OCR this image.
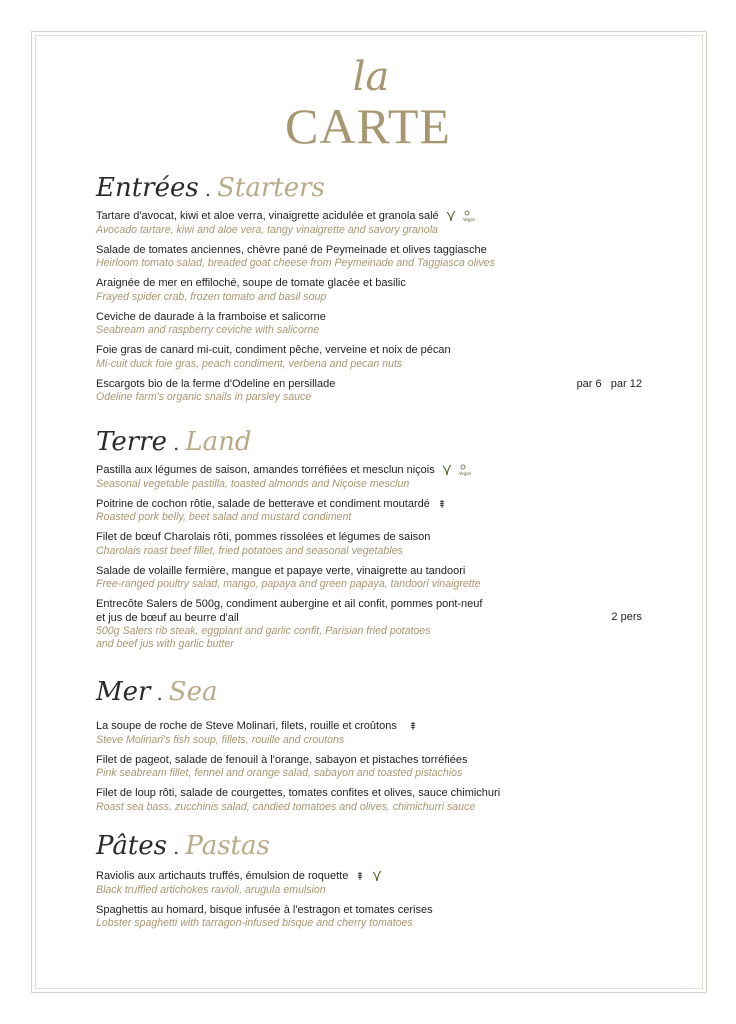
la
CARTE
Entrées . Starters
Tartare d'avocat, kiwi et aloe verra, vinaigrette acidulée et granola salé	Vegan
Avocado tartare, kiwi and aloe vera, tangy vinaigrette and savory granola
Salade de tomates anciennes, chèvre pané de Peymeinade et olives taggiasche
Heirloom tomato salad, breaded goat cheese from Peymeinade and Taggiasca olives
Araignée de mer en effiloché, soupe de tomate glacée et basilic
Frayed spider crab, frozen tomato and basil soup
Ceviche de daurade à la framboise et salicorne
Seabream and raspberry ceviche with salicorne
Foie gras de canard mi-cuit, condiment pêche, verveine et noix de pécan
Mi-cuit duck foie gras, peach condiment, verbena and pecan nuts
Escargots bio de la ferme d'Odeline en persillade
Odeline farm's organic snails in parsley sauce
par 6   par 12
Terre . Land
Pastilla aux légumes de saison, amandes torréfiées et mesclun niçois	Vegan
Seasonal vegetable pastilla, toasted almonds and Niçoise mesclun
Poitrine de cochon rôtie, salade de betterave et condiment moutardé
Roasted pork belly, beet salad and mustard condiment
Filet de bœuf Charolais rôti, pommes rissolées et légumes de saison
Charolais roast beef fillet, fried potatoes and seasonal vegetables
Salade de volaille fermière, mangue et papaye verte, vinaigrette au tandoori
Free-ranged poultry salad, mango, papaya and green papaya, tandoori vinaigrette
Entrecôte Salers de 500g, condiment aubergine et ail confit, pommes pont-neuf
et jus de bœuf au beurre d'ail
500g Salers rib steak, eggplant and garlic confit, Parisian fried potatoes
and beef jus with garlic butter
2 pers
Mer . Sea
La soupe de roche de Steve Molinari, filets, rouille et croûtons
Steve Molinari's fish soup, fillets, rouille and croutons
Filet de pageot, salade de fenouil à l'orange, sabayon et pistaches torréfiées
Pink seabream fillet, fennel and orange salad, sabayon and toasted pistachios
Filet de loup rôti, salade de courgettes, tomates confites et olives, sauce chimichuri
Roast sea bass, zucchinis salad, candied tomatoes and olives, chimichurri sauce
Pâtes . Pastas
Raviolis aux artichauts truffés, émulsion de roquette
Black truffled artichokes ravioli, arugula emulsion
Spaghettis au homard, bisque infusée à l'estragon et tomates cerises
Lobster spaghetti with tarragon-infused bisque and cherry tomatoes
